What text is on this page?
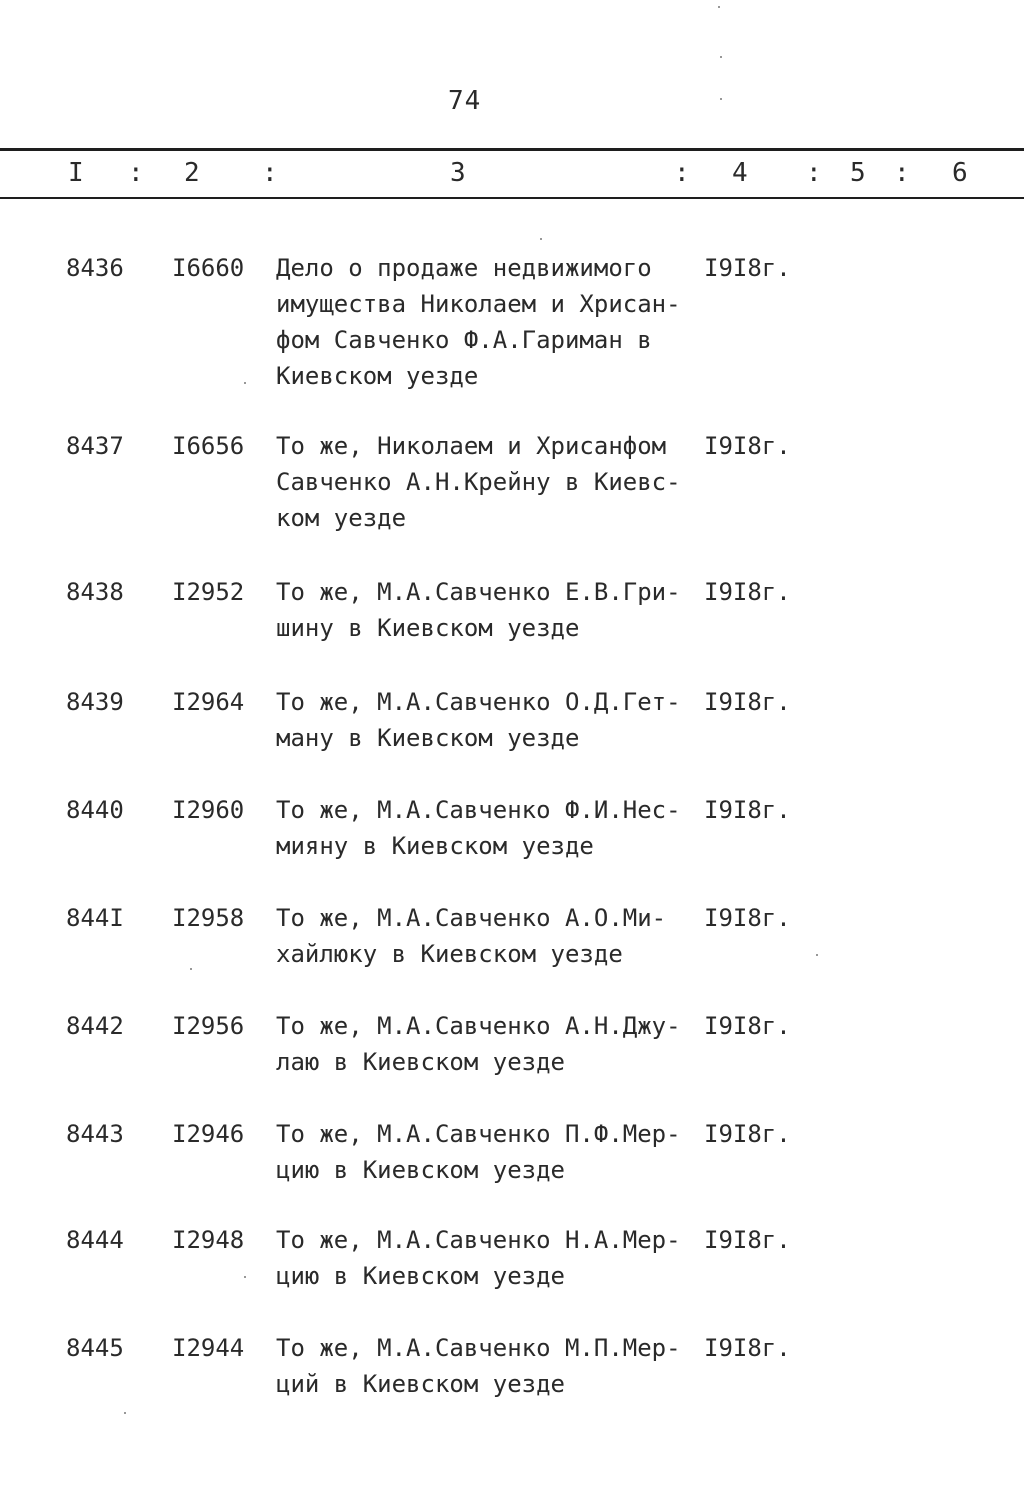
74
I : 2 :	3	: 4 : 5 : 6
8436 I6660 Дело о продаже недвижимого
имущества Николаем и Хрисан-
фом Савченко Ф.А.Гариман в
Киевском уезде
I9I8г.
8437 I6656 То же, Николаем и Хрисанфом
Савченко А.Н.Крейну в Киевс-
ком уезде
I9I8г.
8438 I2952 То же, М.А.Савченко Е.В.Гри-
шину в Киевском уезде
I9I8г.
8439 I2964 То же, М.А.Савченко О.Д.Гет-
ману в Киевском уезде
I9I8г.
8440 I2960 То же, М.А.Савченко Ф.И.Нес-
мияну в Киевском уезде
I9I8г.
844I I2958 То же, М.А.Савченко А.О.Ми-
хайлюку в Киевском уезде
I9I8г.
8442 I2956 То же, М.А.Савченко А.Н.Джу-
лаю в Киевском уезде
I9I8г.
8443 I2946 То же, М.А.Савченко П.Ф.Мер-
цию в Киевском уезде
I9I8г.
8444 I2948 То же, М.А.Савченко Н.А.Мер-
цию в Киевском уезде
I9I8г.
8445 I2944 То же, М.А.Савченко М.П.Мер-
ций в Киевском уезде
I9I8г.
